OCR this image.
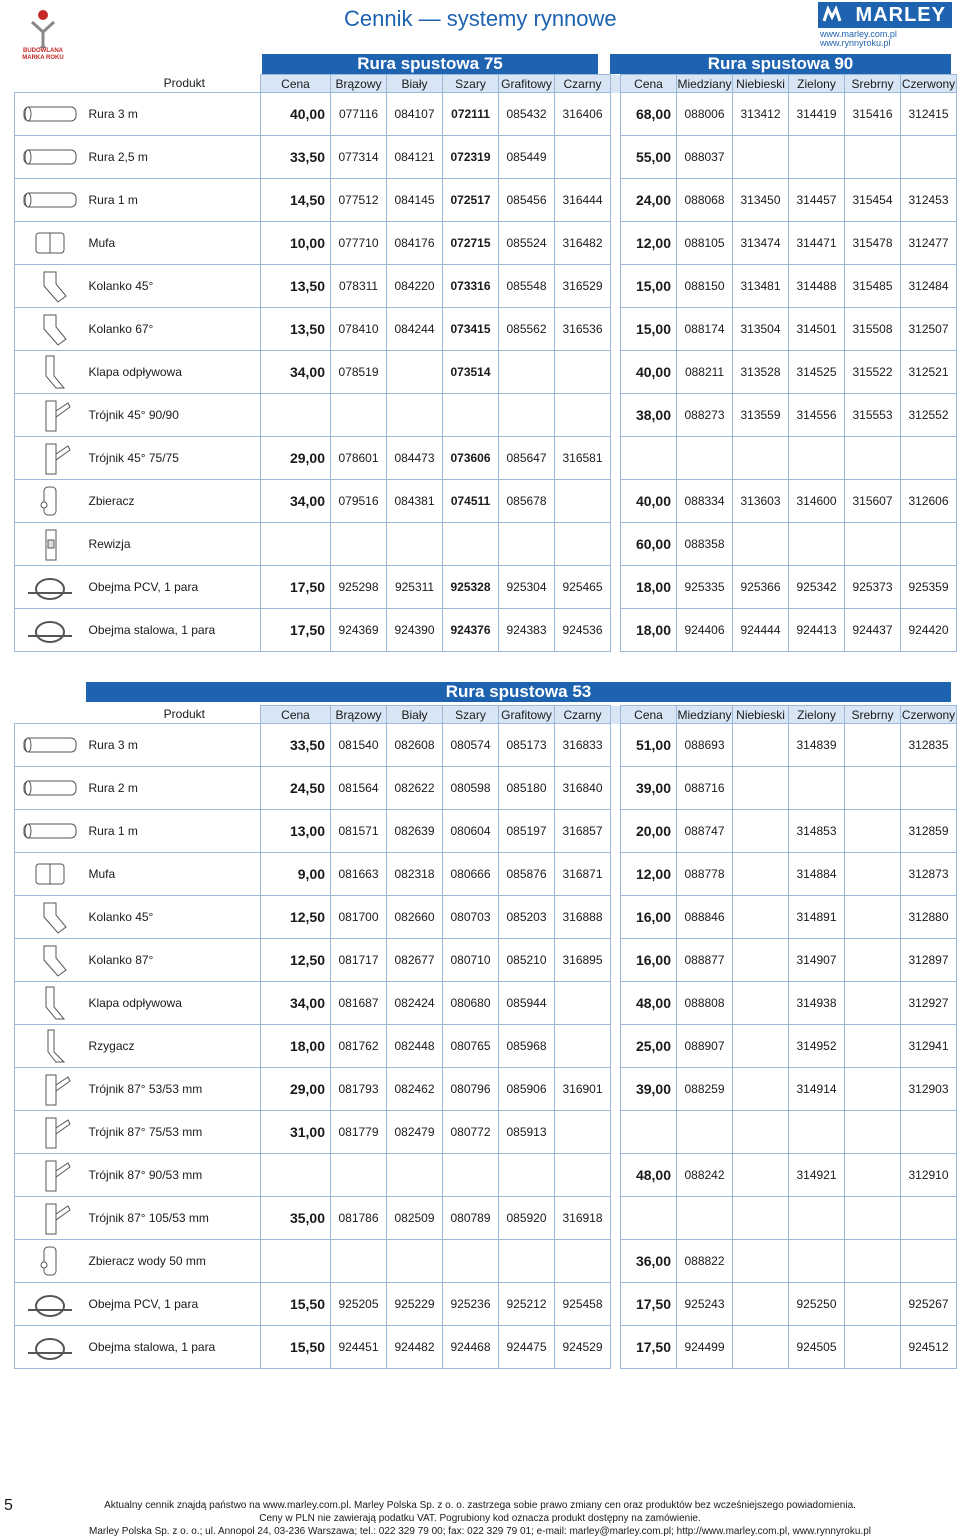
BUDOWLANA
MARKA ROKU
Cennik — systemy rynnowe	MARLEY
www.marley.com.pl
www.rynnyroku.pl
Rura spustowa 75	Rura spustowa 90
Produkt		Cena	Brązowy	Biały	Szary	Grafitowy	Czarny		Cena	Miedziany	Niebieski	Zielony	Srebrny	Czerwony

	Rura 3 m	40,00	077116	084107	072111	085432	316406		68,00	088006	313412	314419	315416	312415

	Rura 2,5 m	33,50	077314	084121	072319	085449			55,00	088037				

	Rura 1 m	14,50	077512	084145	072517	085456	316444		24,00	088068	313450	314457	315454	312453

	Mufa	10,00	077710	084176	072715	085524	316482		12,00	088105	313474	314471	315478	312477

	Kolanko 45°	13,50	078311	084220	073316	085548	316529		15,00	088150	313481	314488	315485	312484

	Kolanko 67°	13,50	078410	084244	073415	085562	316536		15,00	088174	313504	314501	315508	312507

	Klapa odpływowa	34,00	078519		073514				40,00	088211	313528	314525	315522	312521

	Trójnik 45° 90/90								38,00	088273	313559	314556	315553	312552

	Trójnik 45° 75/75	29,00	078601	084473	073606	085647	316581							

	Zbieracz	34,00	079516	084381	074511	085678			40,00	088334	313603	314600	315607	312606

	Rewizja								60,00	088358				

	Obejma PCV, 1 para	17,50	925298	925311	925328	925304	925465		18,00	925335	925366	925342	925373	925359

	Obejma stalowa, 1 para	17,50	924369	924390	924376	924383	924536		18,00	924406	924444	924413	924437	924420
Rura spustowa 53
Produkt		Cena	Brązowy	Biały	Szary	Grafitowy	Czarny		Cena	Miedziany	Niebieski	Zielony	Srebrny	Czerwony

	Rura 3 m	33,50	081540	082608	080574	085173	316833		51,00	088693		314839		312835

	Rura 2 m	24,50	081564	082622	080598	085180	316840		39,00	088716				

	Rura 1 m	13,00	081571	082639	080604	085197	316857		20,00	088747		314853		312859

	Mufa	9,00	081663	082318	080666	085876	316871		12,00	088778		314884		312873

	Kolanko 45°	12,50	081700	082660	080703	085203	316888		16,00	088846		314891		312880

	Kolanko 87°	12,50	081717	082677	080710	085210	316895		16,00	088877		314907		312897

	Klapa odpływowa	34,00	081687	082424	080680	085944			48,00	088808		314938		312927

	Rzygacz	18,00	081762	082448	080765	085968			25,00	088907		314952		312941

	Trójnik 87° 53/53 mm	29,00	081793	082462	080796	085906	316901		39,00	088259		314914		312903

	Trójnik 87° 75/53 mm	31,00	081779	082479	080772	085913								

	Trójnik 87° 90/53 mm								48,00	088242		314921		312910

	Trójnik 87° 105/53 mm	35,00	081786	082509	080789	085920	316918							

	Zbieracz wody 50 mm								36,00	088822				

	Obejma PCV, 1 para	15,50	925205	925229	925236	925212	925458		17,50	925243		925250		925267

	Obejma stalowa, 1 para	15,50	924451	924482	924468	924475	924529		17,50	924499		924505		924512
5	Aktualny cennik znajdą państwo na www.marley.com.pl. Marley Polska Sp. z o. o. zastrzega sobie prawo zmiany cen oraz produktów bez wcześniejszego powiadomienia.
Ceny w PLN nie zawierają podatku VAT. Pogrubiony kod oznacza produkt dostępny na zamówienie.
Marley Polska Sp. z o. o.; ul. Annopol 24, 03-236 Warszawa; tel.: 022 329 79 00; fax: 022 329 79 01; e-mail: marley@marley.com.pl; http://www.marley.com.pl, www.rynnyroku.pl
